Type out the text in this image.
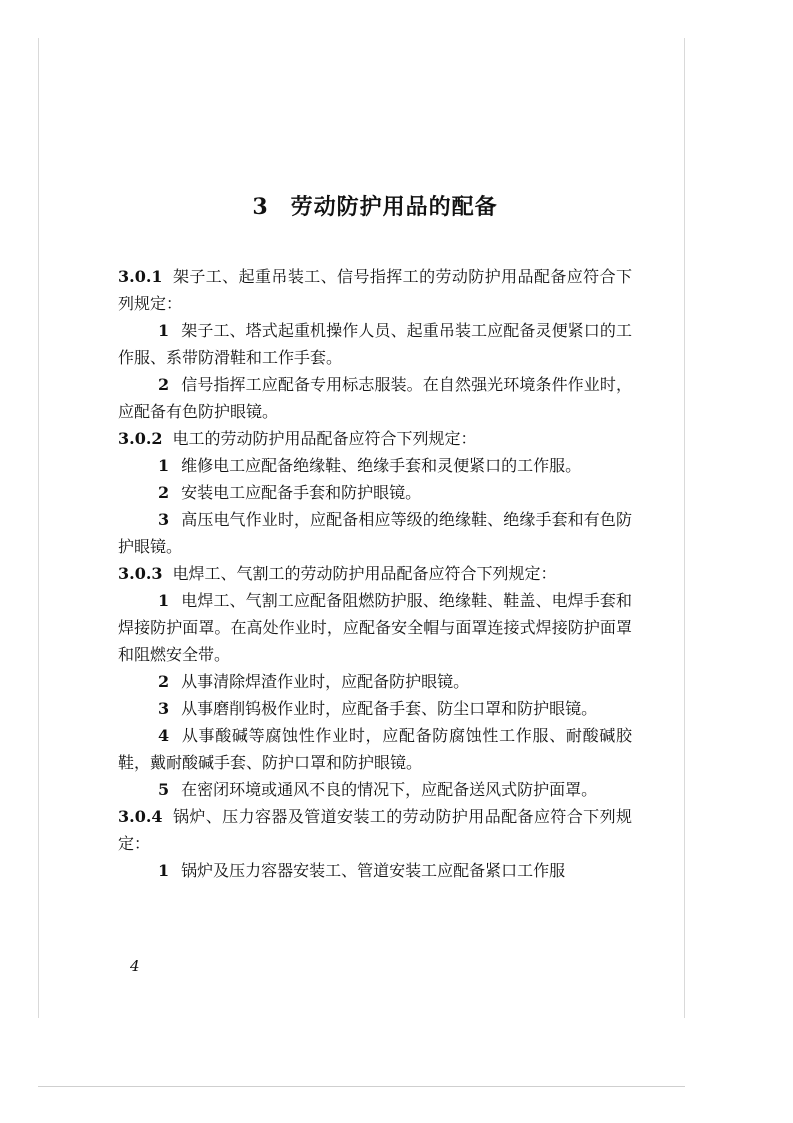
3 劳动防护用品的配备

3.0.1 架子工、起重吊装工、信号指挥工的劳动防护用品配备应符合下列规定：

1 架子工、塔式起重机操作人员、起重吊装工应配备灵便紧口的工作服、系带防滑鞋和工作手套。

2 信号指挥工应配备专用标志服装。在自然强光环境条件作业时，应配备有色防护眼镜。

3.0.2 电工的劳动防护用品配备应符合下列规定：

1 维修电工应配备绝缘鞋、绝缘手套和灵便紧口的工作服。

2 安装电工应配备手套和防护眼镜。

3 高压电气作业时，应配备相应等级的绝缘鞋、绝缘手套和有色防护眼镜。

3.0.3 电焊工、气割工的劳动防护用品配备应符合下列规定：

1 电焊工、气割工应配备阻燃防护服、绝缘鞋、鞋盖、电焊手套和焊接防护面罩。在高处作业时，应配备安全帽与面罩连接式焊接防护面罩和阻燃安全带。

2 从事清除焊渣作业时，应配备防护眼镜。

3 从事磨削钨极作业时，应配备手套、防尘口罩和防护眼镜。

4 从事酸碱等腐蚀性作业时，应配备防腐蚀性工作服、耐酸碱胶鞋，戴耐酸碱手套、防护口罩和防护眼镜。

5 在密闭环境或通风不良的情况下，应配备送风式防护面罩。

3.0.4 锅炉、压力容器及管道安装工的劳动防护用品配备应符合下列规定：

1 锅炉及压力容器安装工、管道安装工应配备紧口工作服

4
